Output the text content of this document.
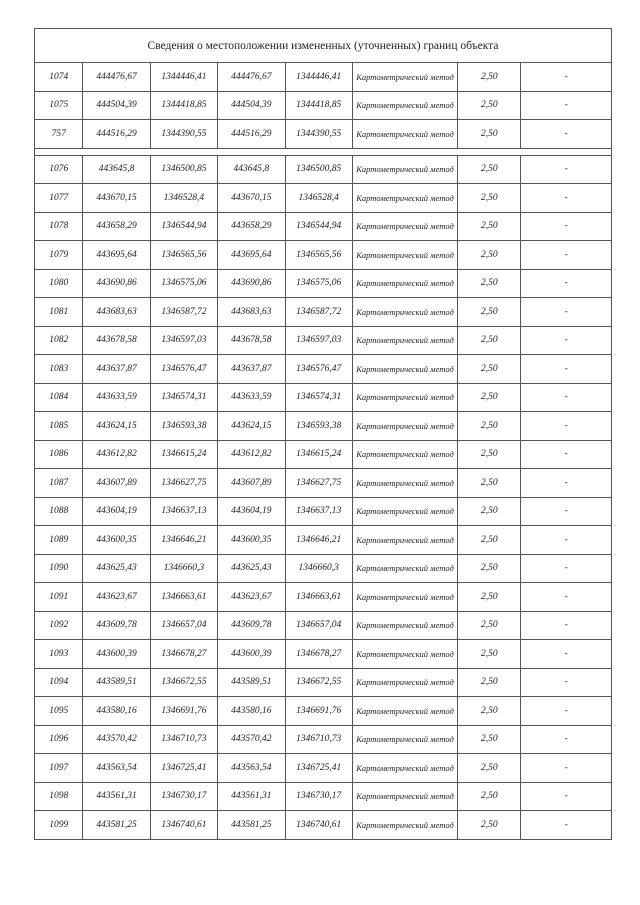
Сведения о местоположении измененных (уточненных) границ объекта							
1074	444476,67	1344446,41	444476,67	1344446,41	Картометрический метод	2,50	-
1075	444504,39	1344418,85	444504,39	1344418,85	Картометрический метод	2,50	-
757	444516,29	1344390,55	444516,29	1344390,55	Картометрический метод	2,50	-

1076	443645,8	1346500,85	443645,8	1346500,85	Картометрический метод	2,50	-
1077	443670,15	1346528,4	443670,15	1346528,4	Картометрический метод	2,50	-
1078	443658,29	1346544,94	443658,29	1346544,94	Картометрический метод	2,50	-
1079	443695,64	1346565,56	443695,64	1346565,56	Картометрический метод	2,50	-
1080	443690,86	1346575,06	443690,86	1346575,06	Картометрический метод	2,50	-
1081	443683,63	1346587,72	443683,63	1346587,72	Картометрический метод	2,50	-
1082	443678,58	1346597,03	443678,58	1346597,03	Картометрический метод	2,50	-
1083	443637,87	1346576,47	443637,87	1346576,47	Картометрический метод	2,50	-
1084	443633,59	1346574,31	443633,59	1346574,31	Картометрический метод	2,50	-
1085	443624,15	1346593,38	443624,15	1346593,38	Картометрический метод	2,50	-
1086	443612,82	1346615,24	443612,82	1346615,24	Картометрический метод	2,50	-
1087	443607,89	1346627,75	443607,89	1346627,75	Картометрический метод	2,50	-
1088	443604,19	1346637,13	443604,19	1346637,13	Картометрический метод	2,50	-
1089	443600,35	1346646,21	443600,35	1346646,21	Картометрический метод	2,50	-
1090	443625,43	1346660,3	443625,43	1346660,3	Картометрический метод	2,50	-
1091	443623,67	1346663,61	443623,67	1346663,61	Картометрический метод	2,50	-
1092	443609,78	1346657,04	443609,78	1346657,04	Картометрический метод	2,50	-
1093	443600,39	1346678,27	443600,39	1346678,27	Картометрический метод	2,50	-
1094	443589,51	1346672,55	443589,51	1346672,55	Картометрический метод	2,50	-
1095	443580,16	1346691,76	443580,16	1346691,76	Картометрический метод	2,50	-
1096	443570,42	1346710,73	443570,42	1346710,73	Картометрический метод	2,50	-
1097	443563,54	1346725,41	443563,54	1346725,41	Картометрический метод	2,50	-
1098	443561,31	1346730,17	443561,31	1346730,17	Картометрический метод	2,50	-
1099	443581,25	1346740,61	443581,25	1346740,61	Картометрический метод	2,50	-
